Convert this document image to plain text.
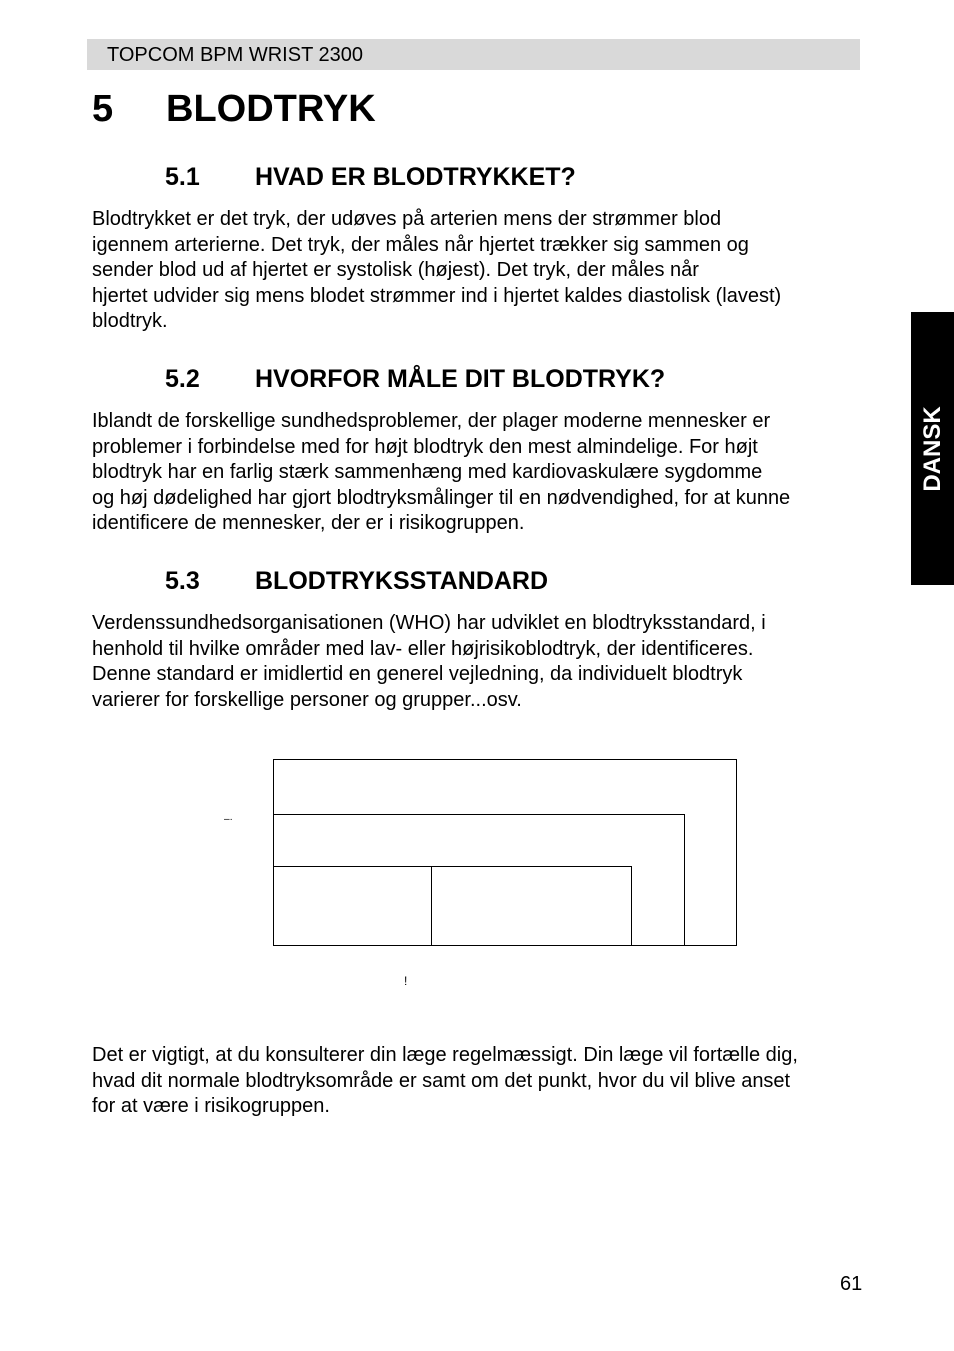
TOPCOM BPM WRIST 2300
5 BLODTRYK
5.1 HVAD ER BLODTRYKKET?
Blodtrykket er det tryk, der udøves på arterien mens der strømmer blod
igennem arterierne. Det tryk, der måles når hjertet trækker sig sammen og
sender blod ud af hjertet er systolisk (højest). Det tryk, der måles når
hjertet udvider sig mens blodet strømmer ind i hjertet kaldes diastolisk (lavest)
blodtryk.
5.2 HVORFOR MÅLE DIT BLODTRYK?
Iblandt de forskellige sundhedsproblemer, der plager moderne mennesker er
problemer i forbindelse med for højt blodtryk den mest almindelige. For højt
blodtryk har en farlig stærk sammenhæng med kardiovaskulære sygdomme
og høj dødelighed har gjort blodtryksmålinger til en nødvendighed, for at kunne
identificere de mennesker, der er i risikogruppen.
5.3 BLODTRYKSSTANDARD
Verdenssundhedsorganisationen (WHO) har udviklet en blodtryksstandard, i
henhold til hvilke områder med lav- eller højrisikoblodtryk, der identificeres.
Denne standard er imidlertid en generel vejledning, da individuelt blodtryk
varierer for forskellige personer og grupper...osv.
–·
!
Det er vigtigt, at du konsulterer din læge regelmæssigt. Din læge vil fortælle dig,
hvad dit normale blodtryksområde er samt om det punkt, hvor du vil blive anset
for at være i risikogruppen.
DANSK
61
